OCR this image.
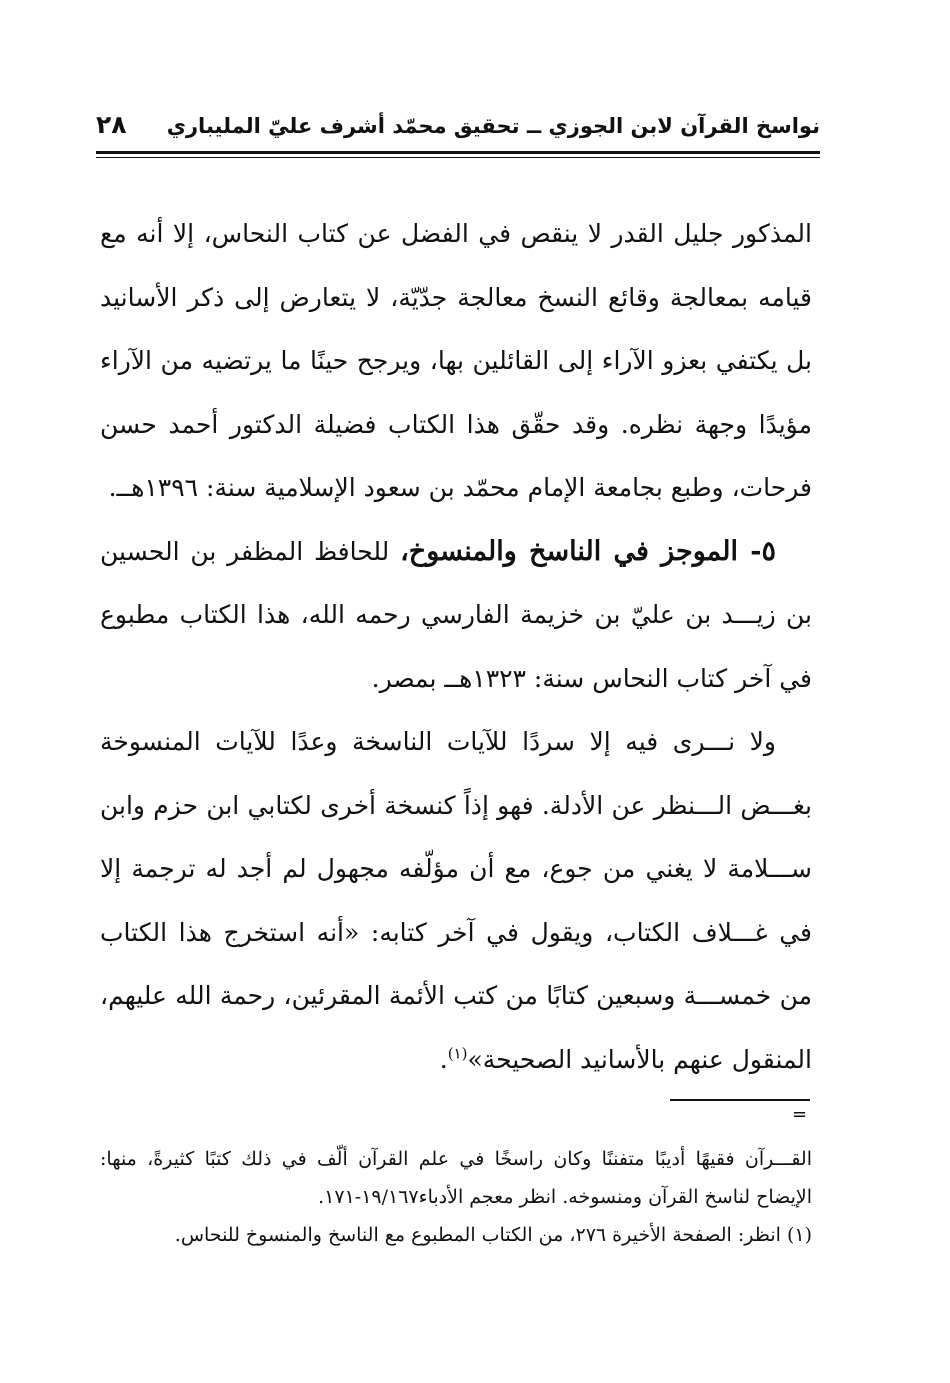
نواسخ القرآن لابن الجوزي ــ تحقيق محمّد أشرف عليّ المليباري
٢٨

المذكور جليل القدر لا ينقص في الفضل عن كتاب النحاس، إلا أنه مع قيامه بمعالجة وقائع النسخ معالجة جدّيّة، لا يتعارض إلى ذكر الأسانيد بل يكتفي بعزو الآراء إلى القائلين بها، ويرجح حينًا ما يرتضيه من الآراء مؤيدًا وجهة نظره. وقد حقّق هذا الكتاب فضيلة الدكتور أحمد حسن فرحات، وطبع بجامعة الإمام محمّد بن سعود الإسلامية سنة: ١٣٩٦هــ.

٥- الموجز في الناسخ والمنسوخ، للحافظ المظفر بن الحسين بن زيـــد بن عليّ بن خزيمة الفارسي رحمه الله، هذا الكتاب مطبوع في آخر كتاب النحاس سنة: ١٣٢٣هــ بمصر.

ولا نـــرى فيه إلا سردًا للآيات الناسخة وعدًا للآيات المنسوخة بغـــض الـــنظر عن الأدلة. فهو إذاً كنسخة أخرى لكتابي ابن حزم وابن ســـلامة لا يغني من جوع، مع أن مؤلّفه مجهول لم أجد له ترجمة إلا في غـــلاف الكتاب، ويقول في آخر كتابه: «أنه استخرج هذا الكتاب من خمســـة وسبعين كتابًا من كتب الأئمة المقرئين، رحمة الله عليهم، المنقول عنهم بالأسانيد الصحيحة»$^{(١)}$.

=

القـــرآن فقيهًا أديبًا متفننًا وكان راسخًا في علم القرآن ألّف في ذلك كتبًا كثيرةً، منها: الإيضاح لناسخ القرآن ومنسوخه. انظر معجم الأدباء١٩/١٦٧-١٧١.

(١) انظر: الصفحة الأخيرة ٢٧٦، من الكتاب المطبوع مع الناسخ والمنسوخ للنحاس.
